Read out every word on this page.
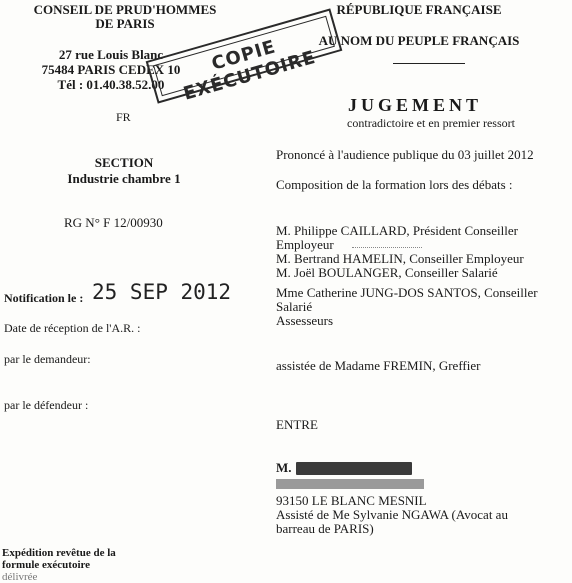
CONSEIL DE PRUD'HOMMES
DE PARIS
27 rue Louis Blanc
75484 PARIS CEDEX 10
Tél : 01.40.38.52.00
FR
SECTION
Industrie chambre 1
RG N° F 12/00930
Notification le : 25 SEP 2012
Date de réception de l'A.R. :
par le demandeur:
par le défendeur :
Expédition revêtue de la
formule exécutoire
délivrée
COPIE EXÉCUTOIRE
RÉPUBLIQUE FRANÇAISE
AU NOM DU PEUPLE FRANÇAIS
JUGEMENT
contradictoire et en premier ressort
Prononcé à l'audience publique du 03 juillet 2012
Composition de la formation lors des débats :
M. Philippe CAILLARD, Président Conseiller
Employeur
M. Bertrand HAMELIN, Conseiller Employeur
M. Joël BOULANGER, Conseiller Salarié
Mme Catherine JUNG-DOS SANTOS, Conseiller
Salarié
Assesseurs
assistée de Madame FREMIN, Greffier
ENTRE
M.
93150 LE BLANC MESNIL
Assisté de Me Sylvanie NGAWA (Avocat au
barreau de PARIS)
